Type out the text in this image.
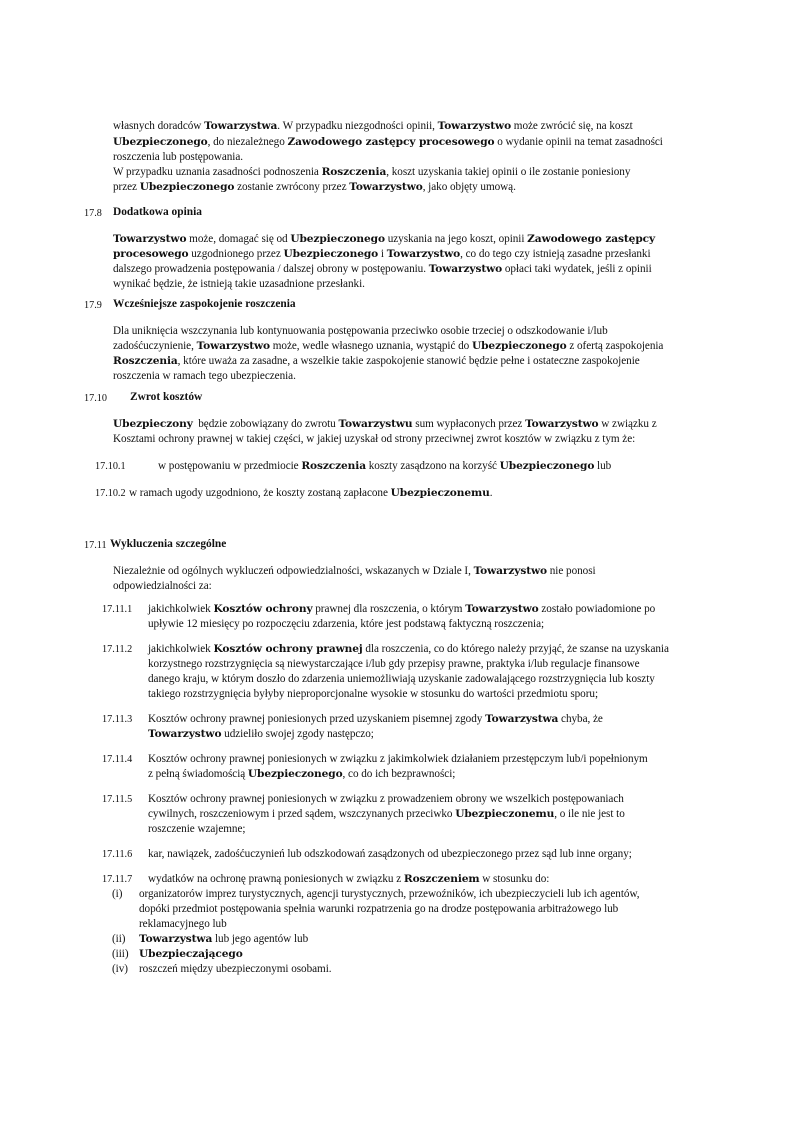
własnych doradców Towarzystwa. W przypadku niezgodności opinii, Towarzystwo może zwrócić się, na koszt
Ubezpieczonego, do niezależnego Zawodowego zastępcy procesowego o wydanie opinii na temat zasadności
roszczenia lub postępowania.
W przypadku uznania zasadności podnoszenia Roszczenia, koszt uzyskania takiej opinii o ile zostanie poniesiony
przez Ubezpieczonego zostanie zwrócony przez Towarzystwo, jako objęty umową.
17.8 Dodatkowa opinia
Towarzystwo może, domagać się od Ubezpieczonego uzyskania na jego koszt, opinii Zawodowego zastępcy
procesowego uzgodnionego przez Ubezpieczonego i Towarzystwo, co do tego czy istnieją zasadne przesłanki
dalszego prowadzenia postępowania / dalszej obrony w postępowaniu. Towarzystwo opłaci taki wydatek, jeśli z opinii
wynikać będzie, że istnieją takie uzasadnione przesłanki.
17.9 Wcześniejsze zaspokojenie roszczenia
Dla uniknięcia wszczynania lub kontynuowania postępowania przeciwko osobie trzeciej o odszkodowanie i/lub
zadośćuczynienie, Towarzystwo może, wedle własnego uznania, wystąpić do Ubezpieczonego z ofertą zaspokojenia
Roszczenia, które uważa za zasadne, a wszelkie takie zaspokojenie stanowić będzie pełne i ostateczne zaspokojenie
roszczenia w ramach tego ubezpieczenia.
17.10 Zwrot kosztów
Ubezpieczony  będzie zobowiązany do zwrotu Towarzystwu sum wypłaconych przez Towarzystwo w związku z
Kosztami ochrony prawnej w takiej części, w jakiej uzyskał od strony przeciwnej zwrot kosztów w związku z tym że:
17.10.1	w postępowaniu w przedmiocie Roszczenia koszty zasądzono na korzyść Ubezpieczonego lub
17.10.2 w ramach ugody uzgodniono, że koszty zostaną zapłacone Ubezpieczonemu.
17.11 Wykluczenia szczególne
Niezależnie od ogólnych wykluczeń odpowiedzialności, wskazanych w Dziale I, Towarzystwo nie ponosi
odpowiedzialności za:
17.11.1 jakichkolwiek Kosztów ochrony prawnej dla roszczenia, o którym Towarzystwo zostało powiadomione po
upływie 12 miesięcy po rozpoczęciu zdarzenia, które jest podstawą faktyczną roszczenia;
17.11.2 jakichkolwiek Kosztów ochrony prawnej dla roszczenia, co do którego należy przyjąć, że szanse na uzyskania
korzystnego rozstrzygnięcia są niewystarczające i/lub gdy przepisy prawne, praktyka i/lub regulacje finansowe
danego kraju, w którym doszło do zdarzenia uniemożliwiają uzyskanie zadowalającego rozstrzygnięcia lub koszty
takiego rozstrzygnięcia byłyby nieproporcjonalne wysokie w stosunku do wartości przedmiotu sporu;
17.11.3 Kosztów ochrony prawnej poniesionych przed uzyskaniem pisemnej zgody Towarzystwa chyba, że
Towarzystwo udzieliło swojej zgody następczo;
17.11.4 Kosztów ochrony prawnej poniesionych w związku z jakimkolwiek działaniem przestępczym lub/i popełnionym
z pełną świadomością Ubezpieczonego, co do ich bezprawności;
17.11.5 Kosztów ochrony prawnej poniesionych w związku z prowadzeniem obrony we wszelkich postępowaniach
cywilnych, roszczeniowym i przed sądem, wszczynanych przeciwko Ubezpieczonemu, o ile nie jest to
roszczenie wzajemne;
17.11.6 kar, nawiązek, zadośćuczynień lub odszkodowań zasądzonych od ubezpieczonego przez sąd lub inne organy;
17.11.7 wydatków na ochronę prawną poniesionych w związku z Roszczeniem w stosunku do:
(i) organizatorów imprez turystycznych, agencji turystycznych, przewoźników, ich ubezpieczycieli lub ich agentów,
dopóki przedmiot postępowania spełnia warunki rozpatrzenia go na drodze postępowania arbitrażowego lub
reklamacyjnego lub
(ii) Towarzystwa lub jego agentów lub
(iii) Ubezpieczającego
(iv) roszczeń między ubezpieczonymi osobami.
